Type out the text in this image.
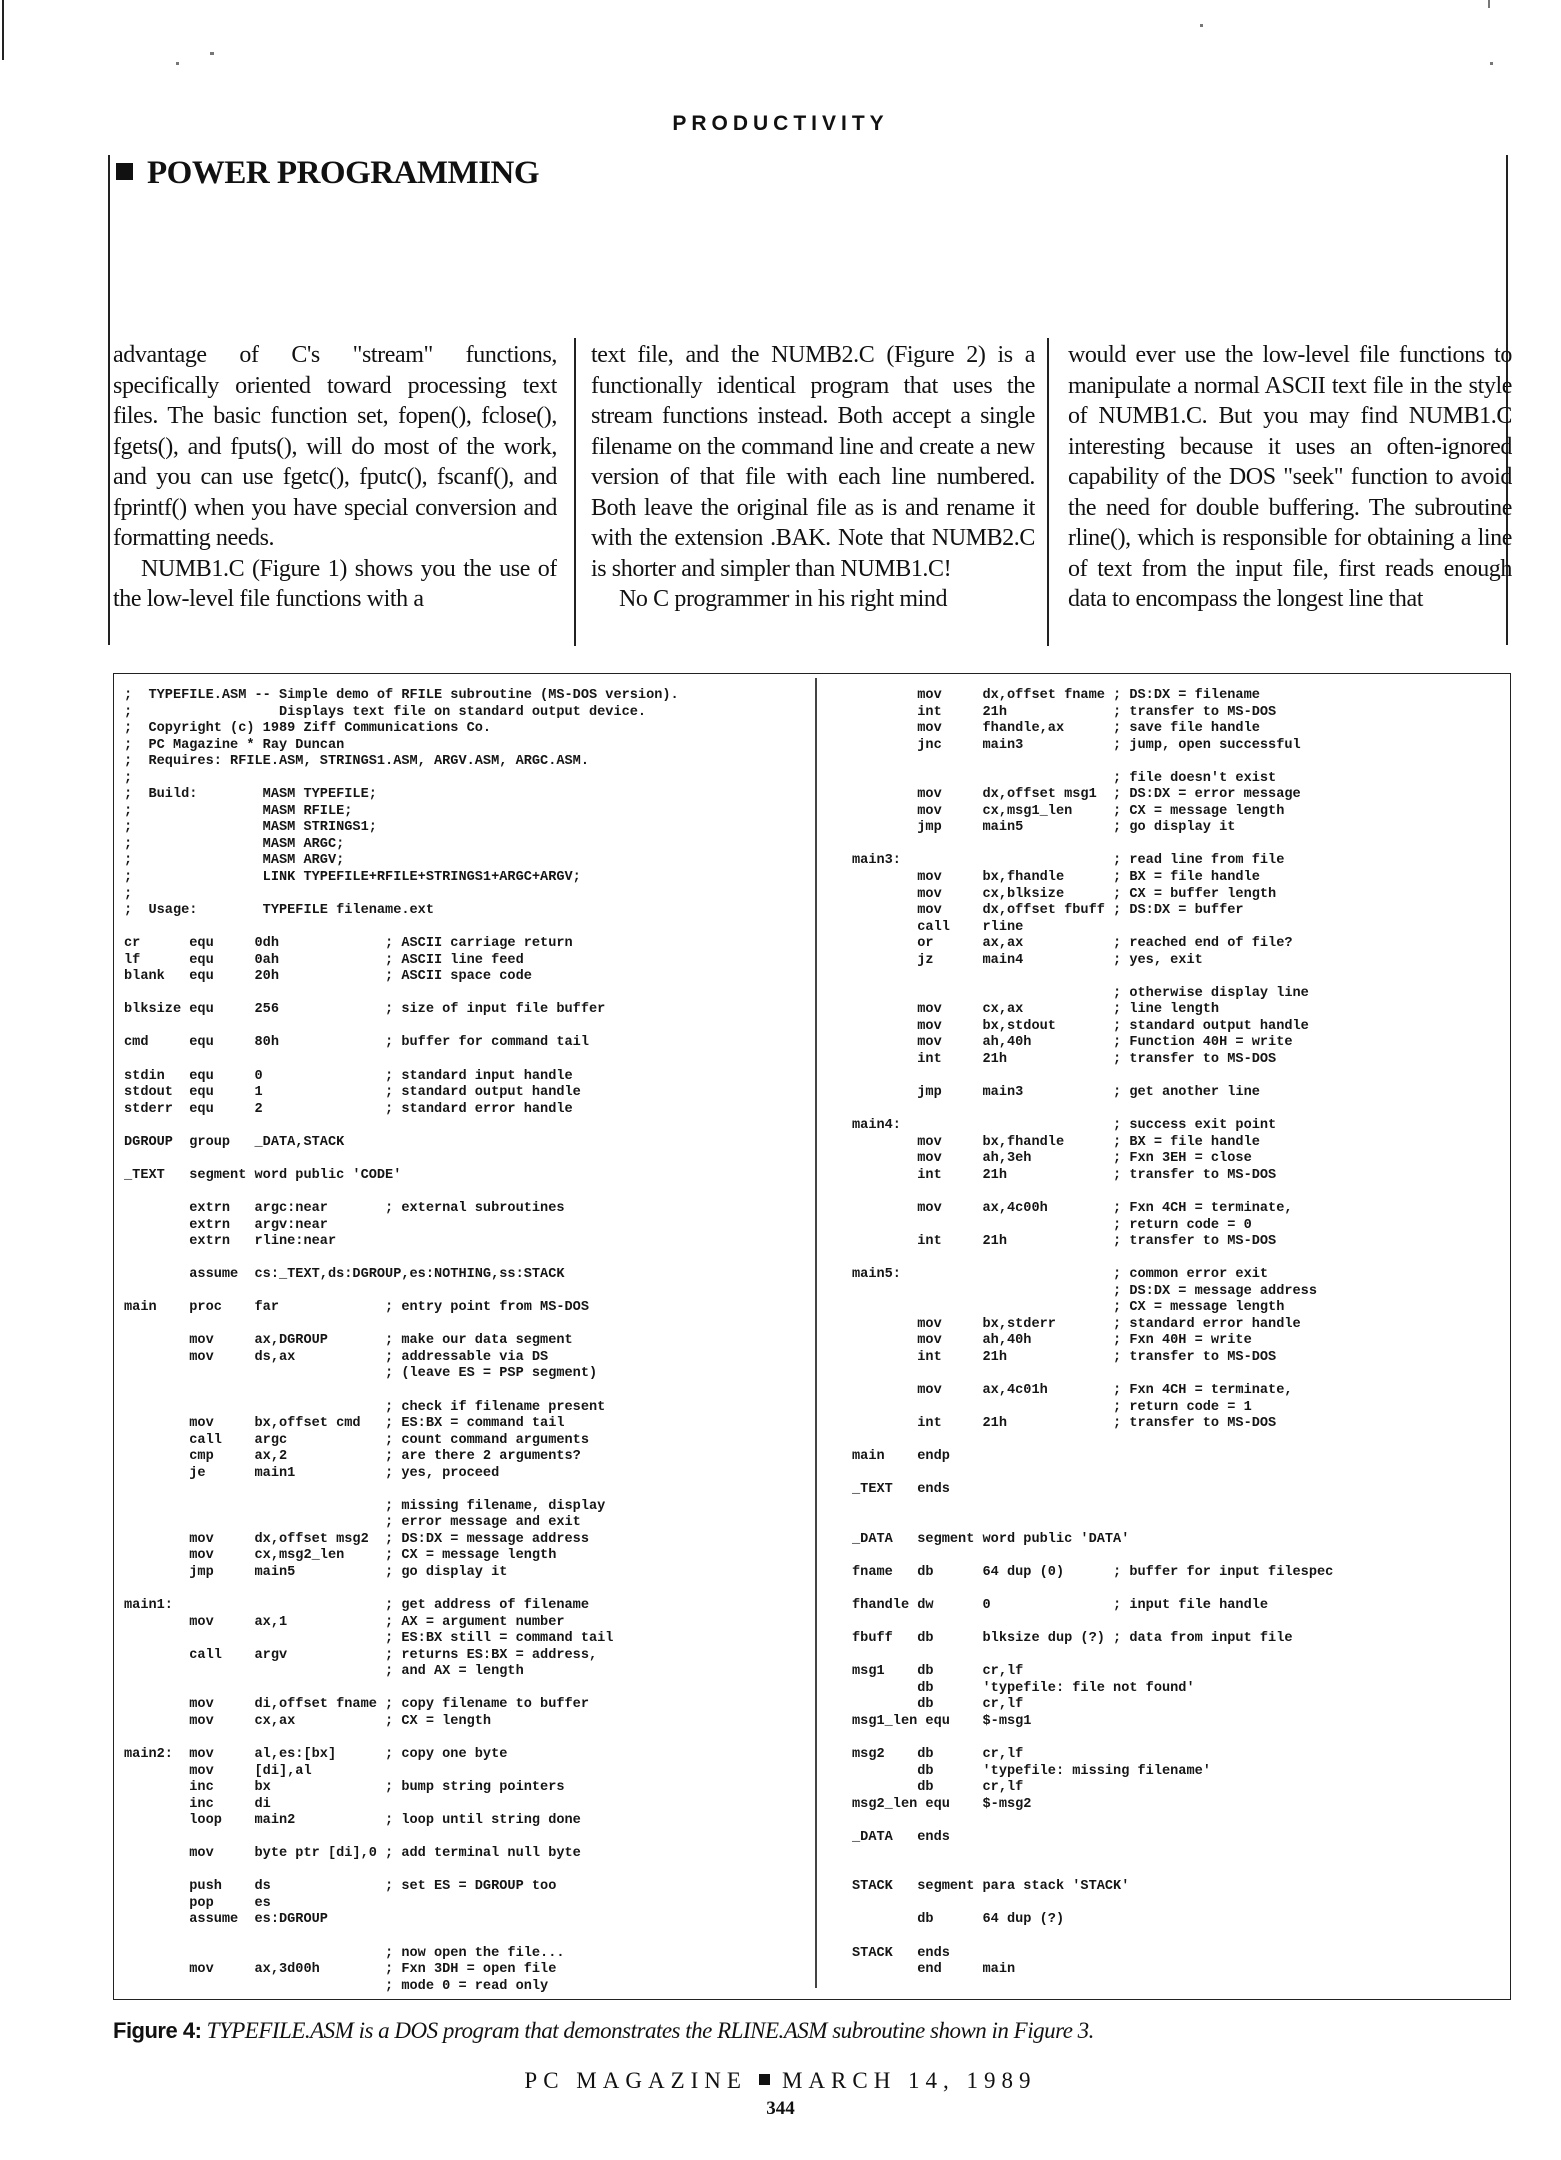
PRODUCTIVITY
POWER PROGRAMMING

advantage of C's "stream" functions, specifically oriented toward processing text files. The basic function set, fopen(), fclose(), fgets(), and fputs(), will do most of the work, and you can use fgetc(), fputc(), fscanf(), and fprintf() when you have special conversion and formatting needs.

NUMB1.C (Figure 1) shows you the use of the low-level file functions with a

text file, and the NUMB2.C (Figure 2) is a functionally identical program that uses the stream functions instead. Both accept a single filename on the command line and create a new version of that file with each line numbered. Both leave the original file as is and rename it with the extension .BAK. Note that NUMB2.C is shorter and simpler than NUMB1.C!

No C programmer in his right mind

would ever use the low-level file functions to manipulate a normal ASCII text file in the style of NUMB1.C. But you may find NUMB1.C interesting because it uses an often-ignored capability of the DOS "seek" function to avoid the need for double buffering. The subroutine rline(), which is responsible for obtaining a line of text from the input file, first reads enough data to encompass the longest line that

;  TYPEFILE.ASM -- Simple demo of RFILE subroutine (MS-DOS version).
;                  Displays text file on standard output device.
;  Copyright (c) 1989 Ziff Communications Co.
;  PC Magazine * Ray Duncan
;  Requires: RFILE.ASM, STRINGS1.ASM, ARGV.ASM, ARGC.ASM.
;
;  Build:        MASM TYPEFILE;
;                MASM RFILE;
;                MASM STRINGS1;
;                MASM ARGC;
;                MASM ARGV;
;                LINK TYPEFILE+RFILE+STRINGS1+ARGC+ARGV;
;
;  Usage:        TYPEFILE filename.ext

cr      equ     0dh             ; ASCII carriage return
lf      equ     0ah             ; ASCII line feed
blank   equ     20h             ; ASCII space code

blksize equ     256             ; size of input file buffer

cmd     equ     80h             ; buffer for command tail

stdin   equ     0               ; standard input handle
stdout  equ     1               ; standard output handle
stderr  equ     2               ; standard error handle

DGROUP  group   _DATA,STACK

_TEXT   segment word public 'CODE'

extrn   argc:near       ; external subroutines
extrn   argv:near
extrn   rline:near

assume  cs:_TEXT,ds:DGROUP,es:NOTHING,ss:STACK

main    proc    far             ; entry point from MS-DOS

mov     ax,DGROUP       ; make our data segment
mov     ds,ax           ; addressable via DS
; (leave ES = PSP segment)

; check if filename present
mov     bx,offset cmd   ; ES:BX = command tail
call    argc            ; count command arguments
cmp     ax,2            ; are there 2 arguments?
je      main1           ; yes, proceed

; missing filename, display
; error message and exit
mov     dx,offset msg2  ; DS:DX = message address
mov     cx,msg2_len     ; CX = message length
jmp     main5           ; go display it

main1:                          ; get address of filename
mov     ax,1            ; AX = argument number
; ES:BX still = command tail
call    argv            ; returns ES:BX = address,
; and AX = length

mov     di,offset fname ; copy filename to buffer
mov     cx,ax           ; CX = length

main2:  mov     al,es:[bx]      ; copy one byte
mov     [di],al
inc     bx              ; bump string pointers
inc     di
loop    main2           ; loop until string done

mov     byte ptr [di],0 ; add terminal null byte

push    ds              ; set ES = DGROUP too
pop     es
assume  es:DGROUP

; now open the file...
mov     ax,3d00h        ; Fxn 3DH = open file
; mode 0 = read only
mov     dx,offset fname ; DS:DX = filename
int     21h             ; transfer to MS-DOS
mov     fhandle,ax      ; save file handle
jnc     main3           ; jump, open successful

; file doesn't exist
mov     dx,offset msg1  ; DS:DX = error message
mov     cx,msg1_len     ; CX = message length
jmp     main5           ; go display it

main3:                          ; read line from file
mov     bx,fhandle      ; BX = file handle
mov     cx,blksize      ; CX = buffer length
mov     dx,offset fbuff ; DS:DX = buffer
call    rline
or      ax,ax           ; reached end of file?
jz      main4           ; yes, exit

; otherwise display line
mov     cx,ax           ; line length
mov     bx,stdout       ; standard output handle
mov     ah,40h          ; Function 40H = write
int     21h             ; transfer to MS-DOS

jmp     main3           ; get another line

main4:                          ; success exit point
mov     bx,fhandle      ; BX = file handle
mov     ah,3eh          ; Fxn 3EH = close
int     21h             ; transfer to MS-DOS

mov     ax,4c00h        ; Fxn 4CH = terminate,
; return code = 0
int     21h             ; transfer to MS-DOS

main5:                          ; common error exit
; DS:DX = message address
; CX = message length
mov     bx,stderr       ; standard error handle
mov     ah,40h          ; Fxn 40H = write
int     21h             ; transfer to MS-DOS

mov     ax,4c01h        ; Fxn 4CH = terminate,
; return code = 1
int     21h             ; transfer to MS-DOS

main    endp

_TEXT   ends

_DATA   segment word public 'DATA'

fname   db      64 dup (0)      ; buffer for input filespec

fhandle dw      0               ; input file handle

fbuff   db      blksize dup (?) ; data from input file

msg1    db      cr,lf
db      'typefile: file not found'
db      cr,lf
msg1_len equ    $-msg1

msg2    db      cr,lf
db      'typefile: missing filename'
db      cr,lf
msg2_len equ    $-msg2

_DATA   ends

STACK   segment para stack 'STACK'

db      64 dup (?)

STACK   ends
end     main
Figure 4: TYPEFILE.ASM is a DOS program that demonstrates the RLINE.ASM subroutine shown in Figure 3.
PC MAGAZINE MARCH 14, 1989
344
